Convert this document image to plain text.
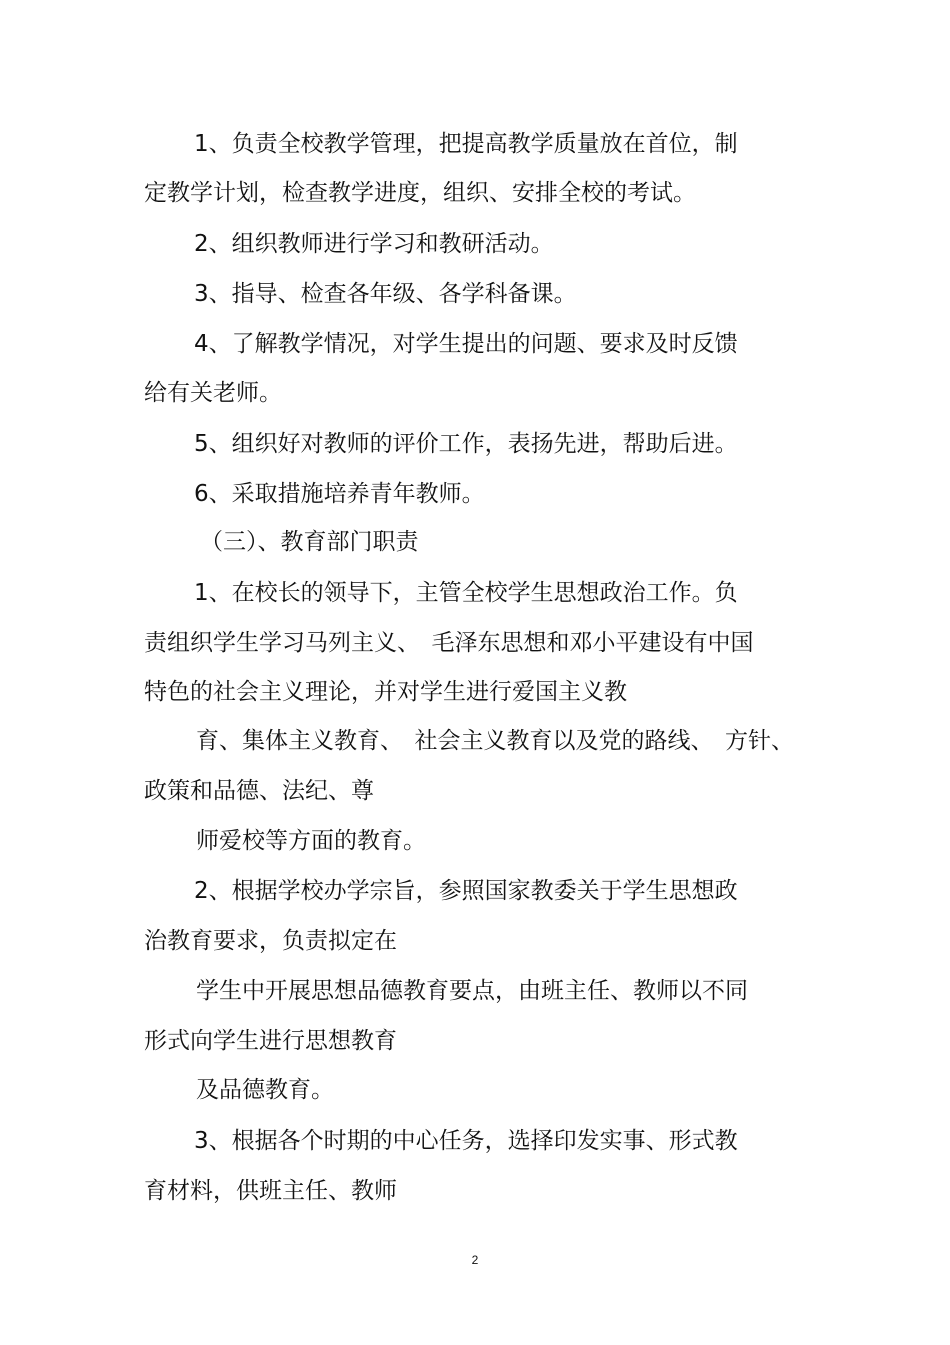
1、负责全校教学管理，把提高教学质量放在首位，制
定教学计划，检查教学进度，组织、安排全校的考试。
2、组织教师进行学习和教研活动。
3、指导、检查各年级、各学科备课。
4、了解教学情况，对学生提出的问题、要求及时反馈
给有关老师。
5、组织好对教师的评价工作，表扬先进，帮助后进。
6、采取措施培养青年教师。
（三）、教育部门职责
1、在校长的领导下，主管全校学生思想政治工作。负
责组织学生学习马列主义、　毛泽东思想和邓小平建设有中国
特色的社会主义理论，并对学生进行爱国主义教
育、集体主义教育、　社会主义教育以及党的路线、　方针、
政策和品德、法纪、尊
师爱校等方面的教育。
2、根据学校办学宗旨，参照国家教委关于学生思想政
治教育要求，负责拟定在
学生中开展思想品德教育要点，由班主任、教师以不同
形式向学生进行思想教育
及品德教育。
3、根据各个时期的中心任务，选择印发实事、形式教
育材料，供班主任、教师
2
